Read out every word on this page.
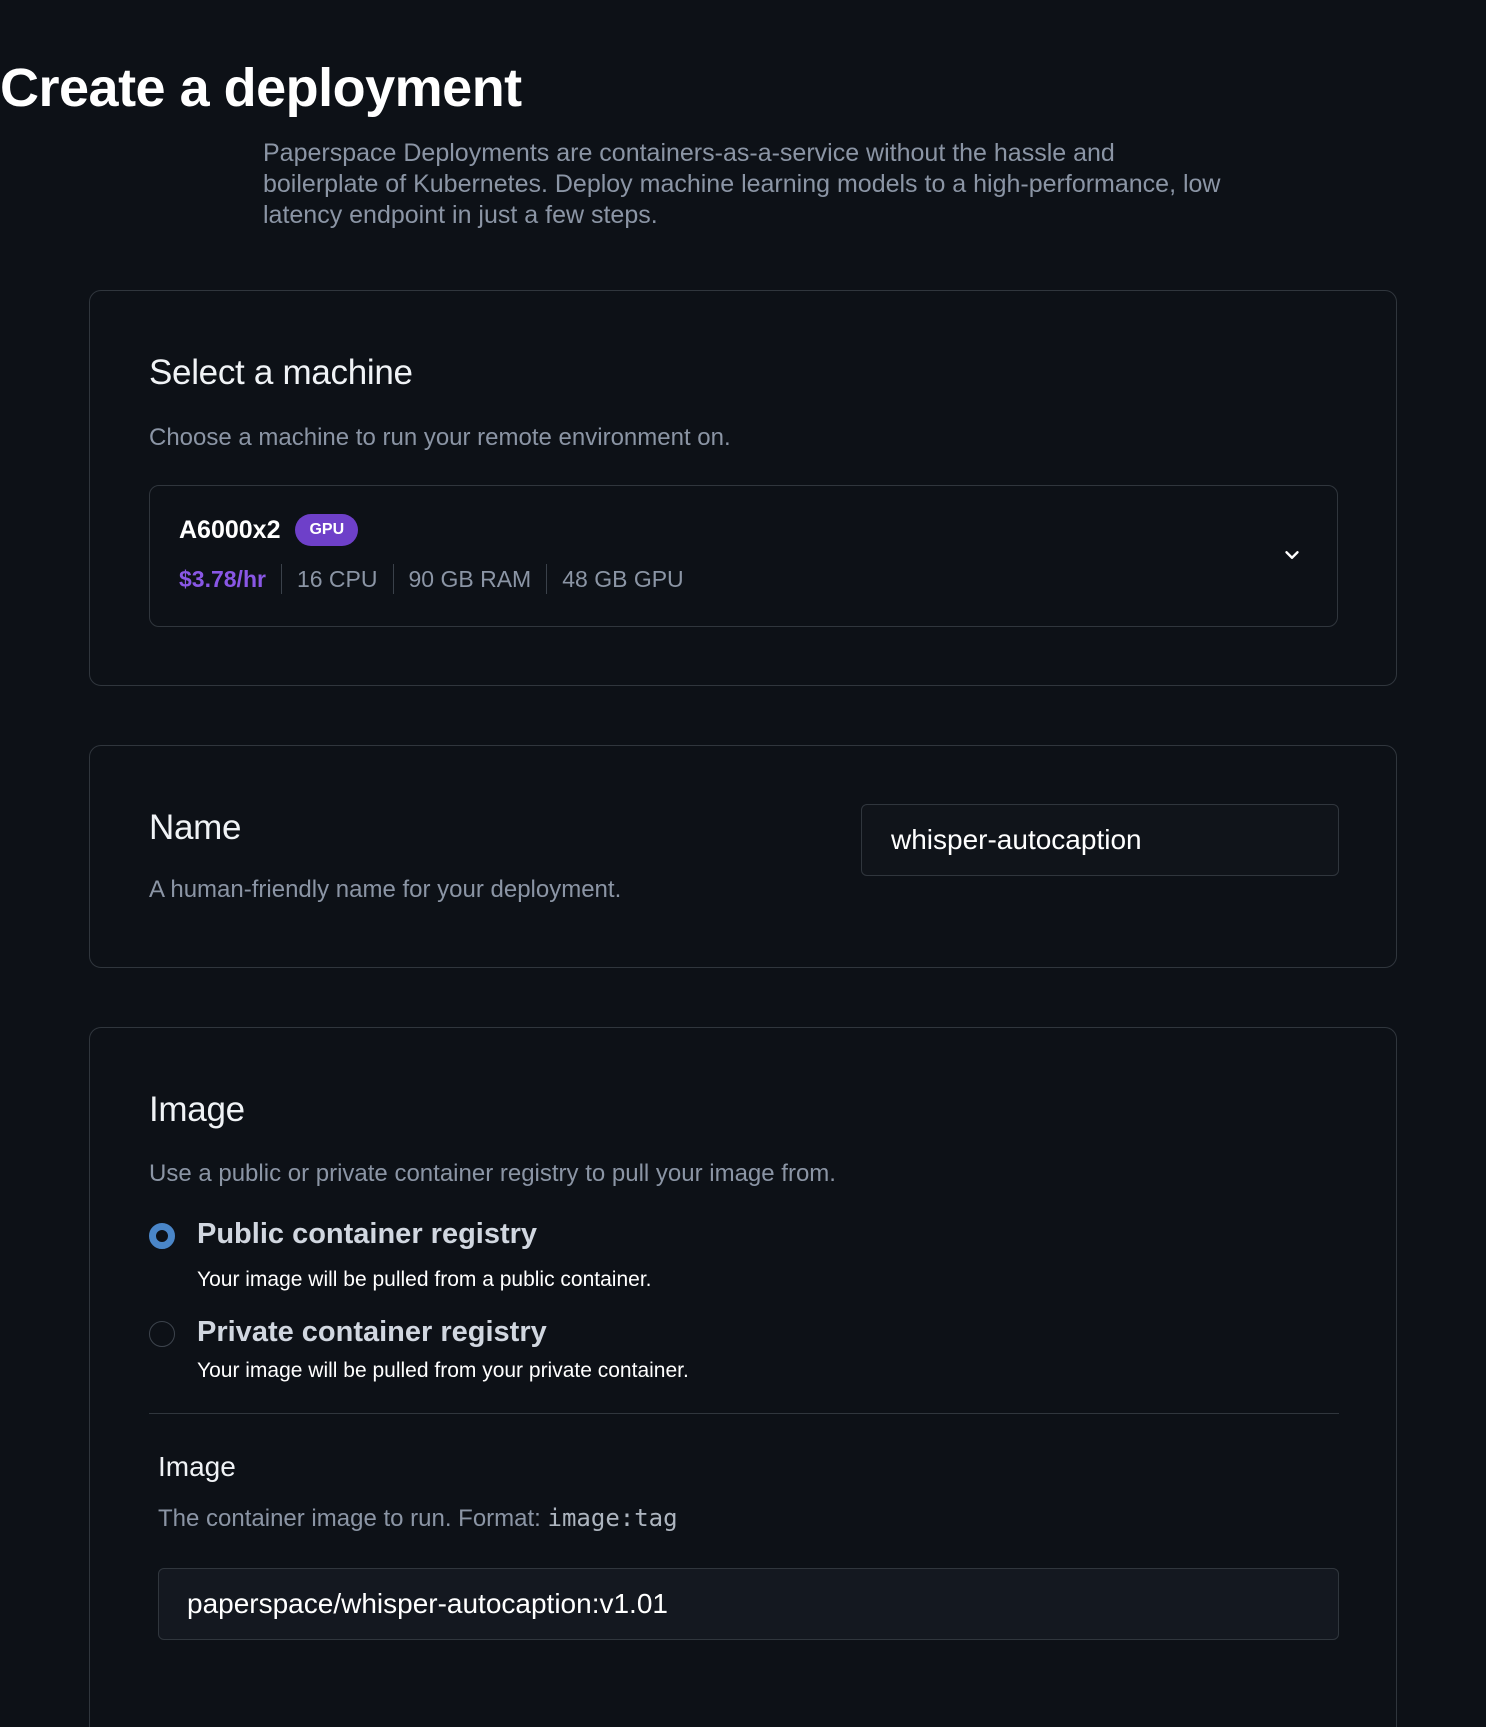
Create a deployment

Paperspace Deployments are containers-as-a-service without the hassle and boilerplate of Kubernetes. Deploy machine learning models to a high-performance, low latency endpoint in just a few steps.

Select a machine

Choose a machine to run your remote environment on.

A6000x2	GPU
$3.78/hr	16 CPU	90 GB RAM	48 GB GPU
Name

A human-friendly name for your deployment.

whisper-autocaption
Image

Use a public or private container registry to pull your image from.

Public container registry
Your image will be pulled from a public container.
Private container registry
Your image will be pulled from your private container.
Image

The container image to run. Format: image:tag

paperspace/whisper-autocaption:v1.01
